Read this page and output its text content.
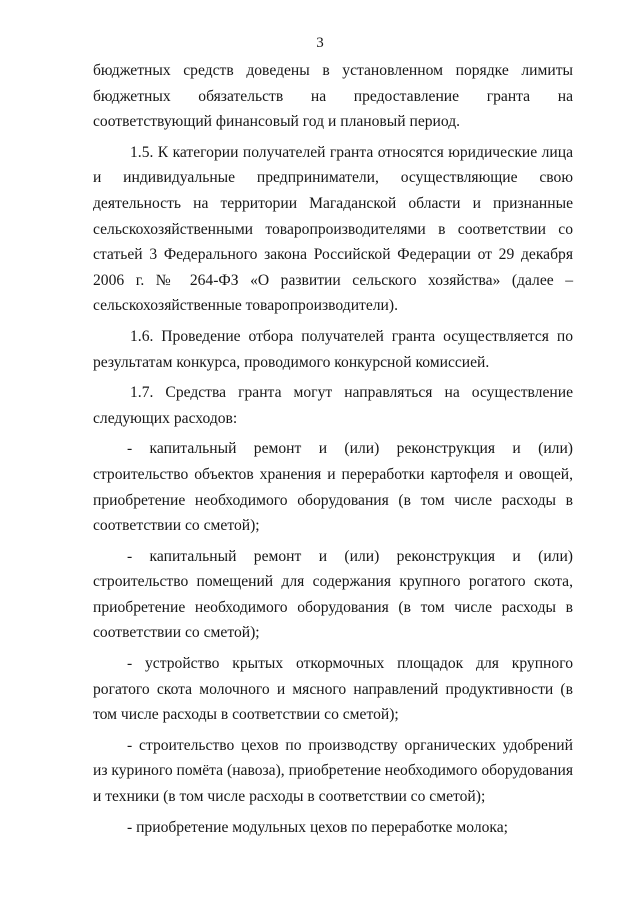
3

бюджетных средств доведены в установленном порядке лимиты бюджетных обязательств на предоставление гранта на соответствующий финансовый год и плановый период.

1.5. К категории получателей гранта относятся юридические лица и индивидуальные предприниматели, осуществляющие свою деятельность на территории Магаданской области и признанные сельскохозяйственными товаропроизводителями в соответствии со статьей 3 Федерального закона Российской Федерации от 29 декабря 2006 г. № 264-ФЗ «О развитии сельского хозяйства» (далее – сельскохозяйственные товаропроизводители).

1.6. Проведение отбора получателей гранта осуществляется по результатам конкурса, проводимого конкурсной комиссией.

1.7. Средства гранта могут направляться на осуществление следующих расходов:

- капитальный ремонт и (или) реконструкция и (или) строительство объектов хранения и переработки картофеля и овощей, приобретение необходимого оборудования (в том числе расходы в соответствии со сметой);

- капитальный ремонт и (или) реконструкция и (или) строительство помещений для содержания крупного рогатого скота, приобретение необходимого оборудования (в том числе расходы в соответствии со сметой);

- устройство крытых откормочных площадок для крупного рогатого скота молочного и мясного направлений продуктивности (в том числе расходы в соответствии со сметой);

- строительство цехов по производству органических удобрений из куриного помёта (навоза), приобретение необходимого оборудования и техники (в том числе расходы в соответствии со сметой);

- приобретение модульных цехов по переработке молока;
